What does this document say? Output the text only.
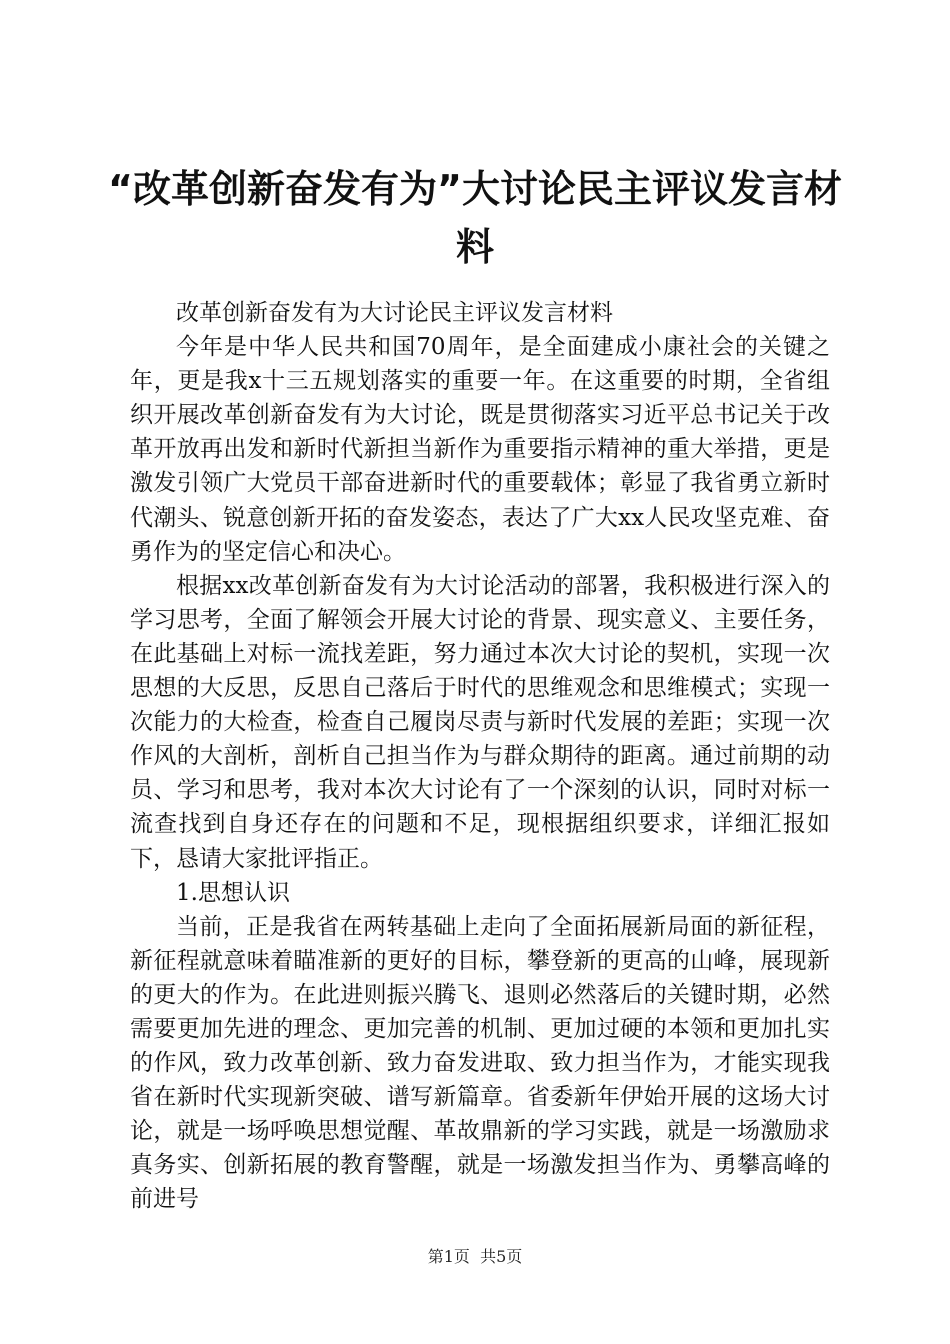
“改革创新奋发有为”大讨论民主评议发言材料

改革创新奋发有为大讨论民主评议发言材料

今年是中华人民共和国70周年，是全面建成小康社会的关键之年，更是我x十三五规划落实的重要一年。在这重要的时期，全省组织开展改革创新奋发有为大讨论，既是贯彻落实习近平总书记关于改革开放再出发和新时代新担当新作为重要指示精神的重大举措，更是激发引领广大党员干部奋进新时代的重要载体；彰显了我省勇立新时代潮头、锐意创新开拓的奋发姿态，表达了广大xx人民攻坚克难、奋勇作为的坚定信心和决心。

根据xx改革创新奋发有为大讨论活动的部署，我积极进行深入的学习思考，全面了解领会开展大讨论的背景、现实意义、主要任务，在此基础上对标一流找差距，努力通过本次大讨论的契机，实现一次思想的大反思，反思自己落后于时代的思维观念和思维模式；实现一次能力的大检查，检查自己履岗尽责与新时代发展的差距；实现一次作风的大剖析，剖析自己担当作为与群众期待的距离。通过前期的动员、学习和思考，我对本次大讨论有了一个深刻的认识，同时对标一流查找到自身还存在的问题和不足，现根据组织要求，详细汇报如下，恳请大家批评指正。

1.思想认识

当前，正是我省在两转基础上走向了全面拓展新局面的新征程，新征程就意味着瞄准新的更好的目标，攀登新的更高的山峰，展现新的更大的作为。在此进则振兴腾飞、退则必然落后的关键时期，必然需要更加先进的理念、更加完善的机制、更加过硬的本领和更加扎实的作风，致力改革创新、致力奋发进取、致力担当作为，才能实现我省在新时代实现新突破、谱写新篇章。省委新年伊始开展的这场大讨论，就是一场呼唤思想觉醒、革故鼎新的学习实践，就是一场激励求真务实、创新拓展的教育警醒，就是一场激发担当作为、勇攀高峰的前进号

第1页  共5页
